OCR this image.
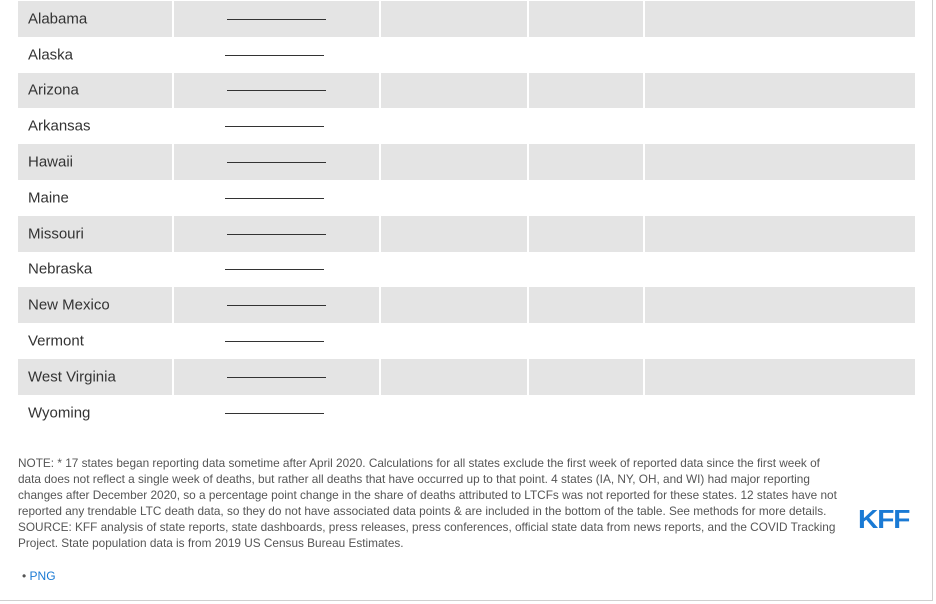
Alabama
Alaska
Arizona
Arkansas
Hawaii
Maine
Missouri
Nebraska
New Mexico
Vermont
West Virginia
Wyoming

NOTE: * 17 states began reporting data sometime after April 2020. Calculations for all states exclude the first week of reported data since the first week of data does not reflect a single week of deaths, but rather all deaths that have occurred up to that point. 4 states (IA, NY, OH, and WI) had major reporting changes after December 2020, so a percentage point change in the share of deaths attributed to LTCFs was not reported for these states. 12 states have not reported any trendable LTC death data, so they do not have associated data points & are included in the bottom of the table. See methods for more details.

SOURCE: KFF analysis of state reports, state dashboards, press releases, press conferences, official state data from news reports, and the COVID Tracking Project. State population data is from 2019 US Census Bureau Estimates.

• PNG
KFF
